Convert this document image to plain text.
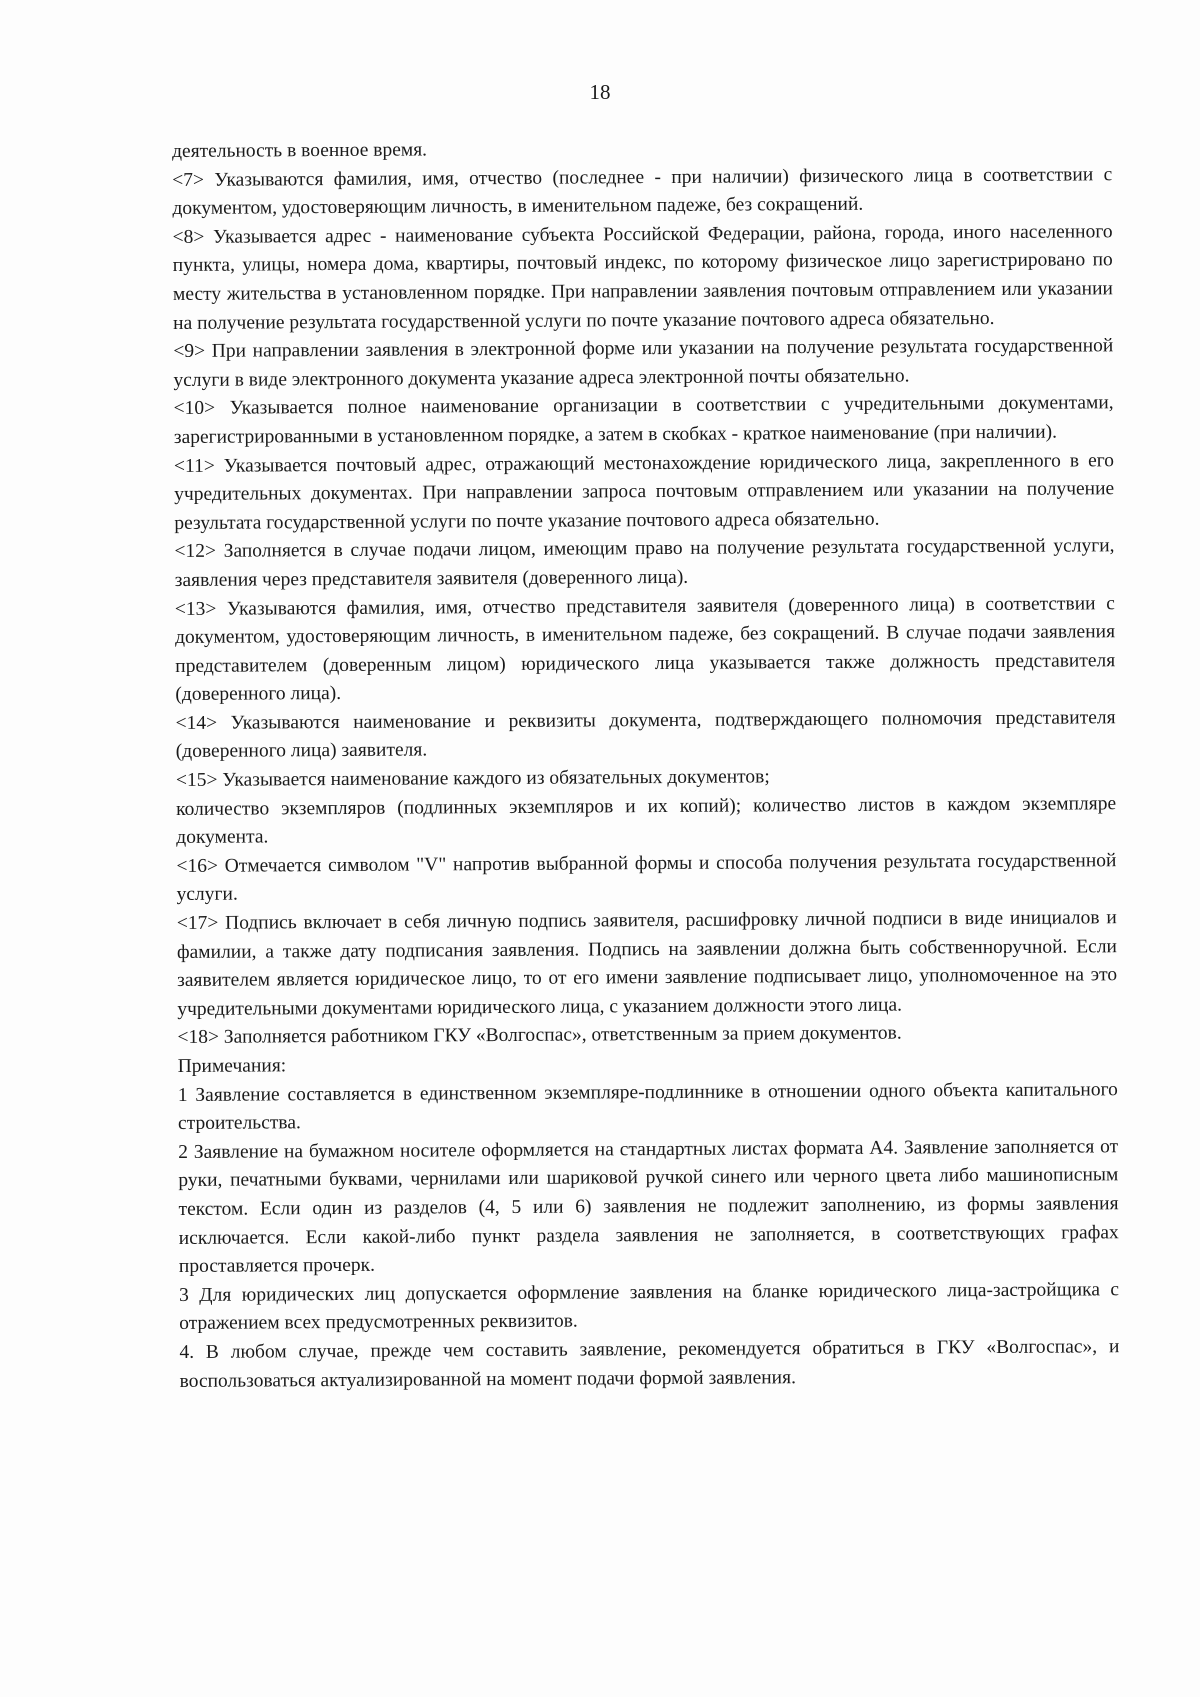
18

деятельность в военное время.

<7> Указываются фамилия, имя, отчество (последнее - при наличии) физического лица в соответствии с документом, удостоверяющим личность, в именительном падеже, без сокращений.

<8> Указывается адрес - наименование субъекта Российской Федерации, района, города, иного населенного пункта, улицы, номера дома, квартиры, почтовый индекс, по которому физическое лицо зарегистрировано по месту жительства в установленном порядке. При направлении заявления почтовым отправлением или указании на получение результата государственной услуги по почте указание почтового адреса обязательно.

<9> При направлении заявления в электронной форме или указании на получение результата государственной услуги в виде электронного документа указание адреса электронной почты обязательно.

<10> Указывается полное наименование организации в соответствии с учредительными документами, зарегистрированными в установленном порядке, а затем в скобках - краткое наименование (при наличии).

<11> Указывается почтовый адрес, отражающий местонахождение юридического лица, закрепленного в его учредительных документах. При направлении запроса почтовым отправлением или указании на получение результата государственной услуги по почте указание почтового адреса обязательно.

<12> Заполняется в случае подачи лицом, имеющим право на получение результата государственной услуги, заявления через представителя заявителя (доверенного лица).

<13> Указываются фамилия, имя, отчество представителя заявителя (доверенного лица) в соответствии с документом, удостоверяющим личность, в именительном падеже, без сокращений. В случае подачи заявления представителем (доверенным лицом) юридического лица указывается также должность представителя (доверенного лица).

<14> Указываются наименование и реквизиты документа, подтверждающего полномочия представителя (доверенного лица) заявителя.

<15> Указывается наименование каждого из обязательных документов;

количество экземпляров (подлинных экземпляров и их копий); количество листов в каждом экземпляре документа.

<16> Отмечается символом "V" напротив выбранной формы и способа получения результата государственной услуги.

<17> Подпись включает в себя личную подпись заявителя, расшифровку личной подписи в виде инициалов и фамилии, а также дату подписания заявления. Подпись на заявлении должна быть собственноручной. Если заявителем является юридическое лицо, то от его имени заявление подписывает лицо, уполномоченное на это учредительными документами юридического лица, с указанием должности этого лица.

<18> Заполняется работником ГКУ «Волгоспас», ответственным за прием документов.

Примечания:

1 Заявление составляется в единственном экземпляре-подлиннике в отношении одного объекта капитального строительства.

2 Заявление на бумажном носителе оформляется на стандартных листах формата А4. Заявление заполняется от руки, печатными буквами, чернилами или шариковой ручкой синего или черного цвета либо машинописным текстом. Если один из разделов (4, 5 или 6) заявления не подлежит заполнению, из формы заявления исключается. Если какой-либо пункт раздела заявления не заполняется, в соответствующих графах проставляется прочерк.

3 Для юридических лиц допускается оформление заявления на бланке юридического лица-застройщика с отражением всех предусмотренных реквизитов.

4. В любом случае, прежде чем составить заявление, рекомендуется обратиться в ГКУ «Волгоспас», и воспользоваться актуализированной на момент подачи формой заявления.
